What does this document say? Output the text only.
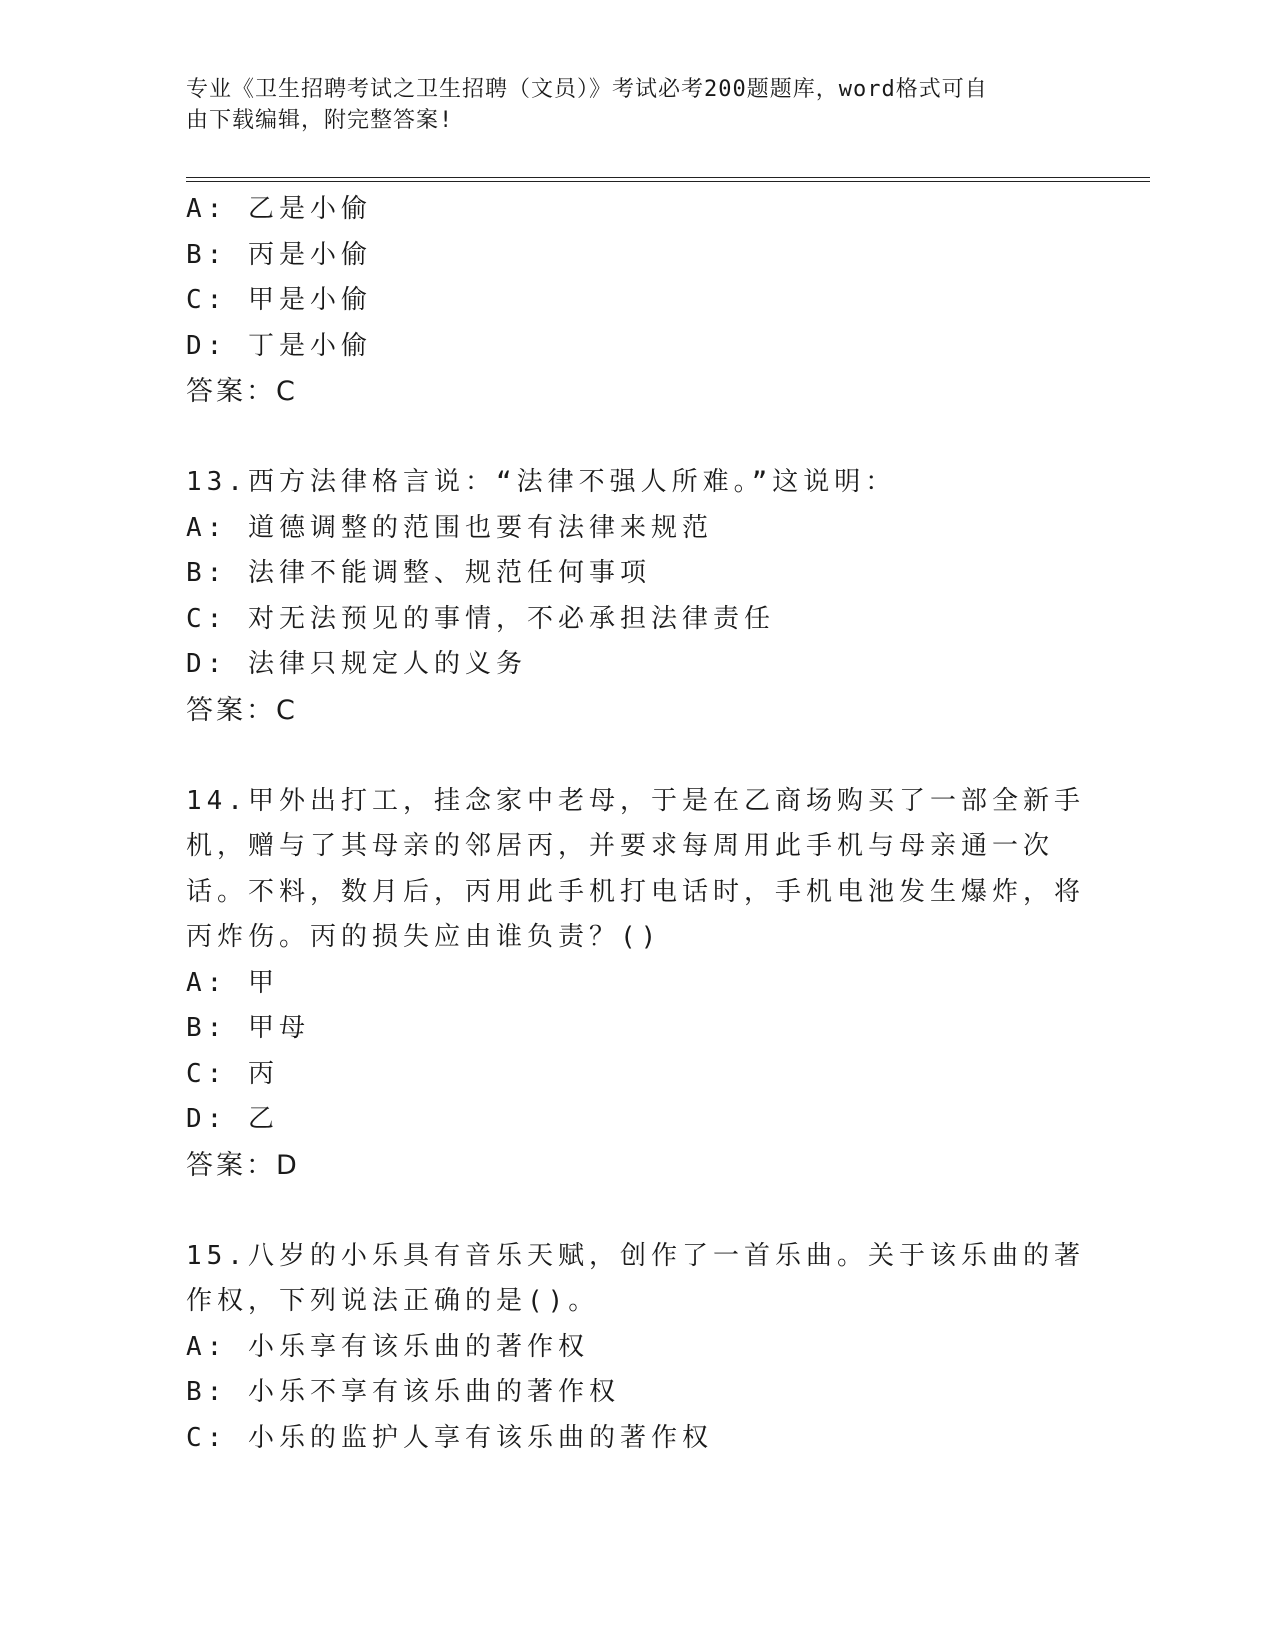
专业《卫生招聘考试之卫生招聘（文员）》考试必考200题题库，word格式可自
由下载编辑，附完整答案!
A: 乙是小偷
B: 丙是小偷
C: 甲是小偷
D: 丁是小偷
答案：C
13.西方法律格言说：“法律不强人所难。”这说明：
A: 道德调整的范围也要有法律来规范
B: 法律不能调整、规范任何事项
C: 对无法预见的事情，不必承担法律责任
D: 法律只规定人的义务
答案：C
14.甲外出打工，挂念家中老母，于是在乙商场购买了一部全新手机，赠与了其母亲的邻居丙，并要求每周用此手机与母亲通一次话。不料，数月后，丙用此手机打电话时，手机电池发生爆炸，将丙炸伤。丙的损失应由谁负责？()
A: 甲
B: 甲母
C: 丙
D: 乙
答案：D
15.八岁的小乐具有音乐天赋，创作了一首乐曲。关于该乐曲的著作权，下列说法正确的是()。
A: 小乐享有该乐曲的著作权
B: 小乐不享有该乐曲的著作权
C: 小乐的监护人享有该乐曲的著作权
